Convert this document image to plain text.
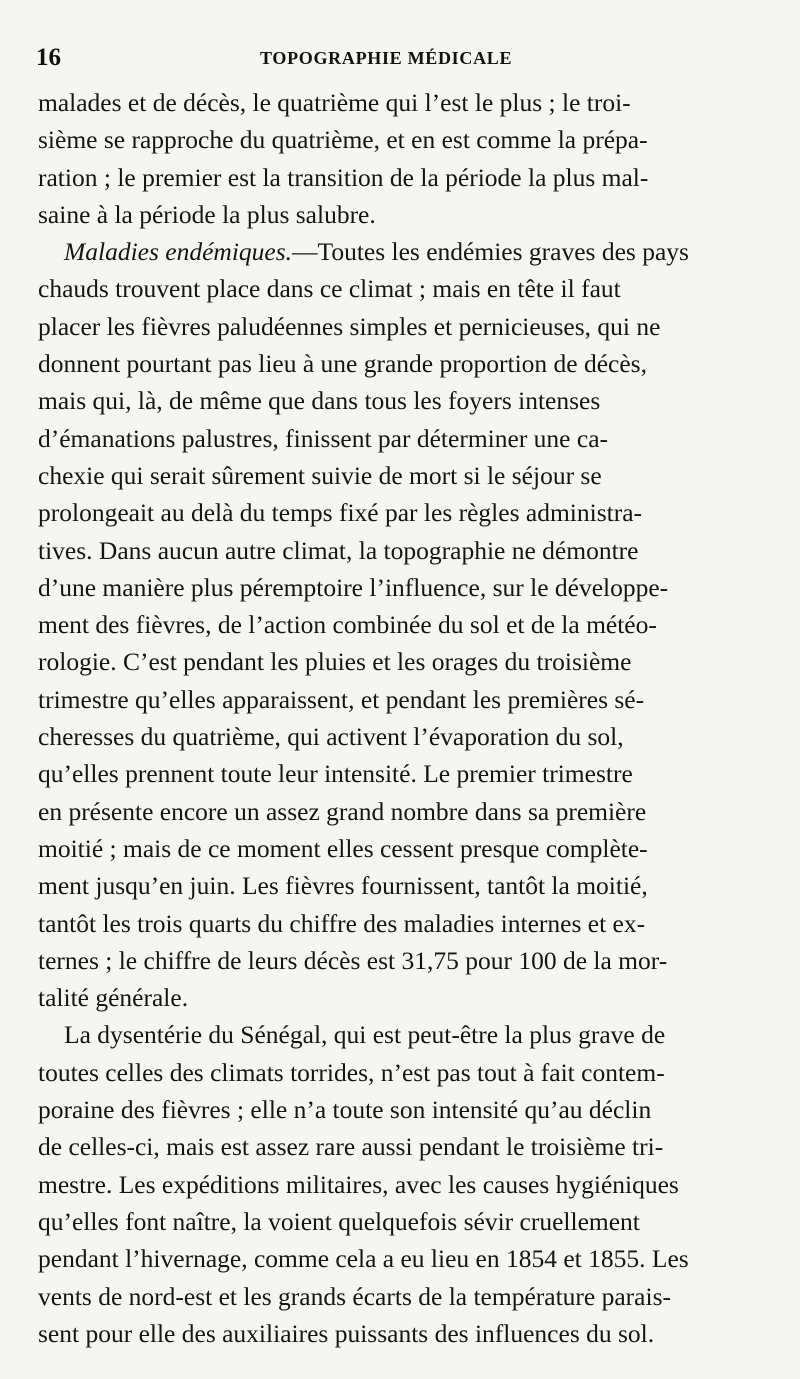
16	TOPOGRAPHIE MÉDICALE
malades et de décès, le quatrième qui l’est le plus ; le troi-
sième se rapproche du quatrième, et en est comme la prépa-
ration ; le premier est la transition de la période la plus mal-
saine à la période la plus salubre.
Maladies endémiques.—Toutes les endémies graves des pays
chauds trouvent place dans ce climat ; mais en tête il faut
placer les fièvres paludéennes simples et pernicieuses, qui ne
donnent pourtant pas lieu à une grande proportion de décès,
mais qui, là, de même que dans tous les foyers intenses
d’émanations palustres, finissent par déterminer une ca-
chexie qui serait sûrement suivie de mort si le séjour se
prolongeait au delà du temps fixé par les règles administra-
tives. Dans aucun autre climat, la topographie ne démontre
d’une manière plus péremptoire l’influence, sur le développe-
ment des fièvres, de l’action combinée du sol et de la météo-
rologie. C’est pendant les pluies et les orages du troisième
trimestre qu’elles apparaissent, et pendant les premières sé-
cheresses du quatrième, qui activent l’évaporation du sol,
qu’elles prennent toute leur intensité. Le premier trimestre
en présente encore un assez grand nombre dans sa première
moitié ; mais de ce moment elles cessent presque complète-
ment jusqu’en juin. Les fièvres fournissent, tantôt la moitié,
tantôt les trois quarts du chiffre des maladies internes et ex-
ternes ; le chiffre de leurs décès est 31,75 pour 100 de la mor-
talité générale.
La dysentérie du Sénégal, qui est peut-être la plus grave de
toutes celles des climats torrides, n’est pas tout à fait contem-
poraine des fièvres ; elle n’a toute son intensité qu’au déclin
de celles-ci, mais est assez rare aussi pendant le troisième tri-
mestre. Les expéditions militaires, avec les causes hygiéniques
qu’elles font naître, la voient quelquefois sévir cruellement
pendant l’hivernage, comme cela a eu lieu en 1854 et 1855. Les
vents de nord-est et les grands écarts de la température parais-
sent pour elle des auxiliaires puissants des influences du sol.
